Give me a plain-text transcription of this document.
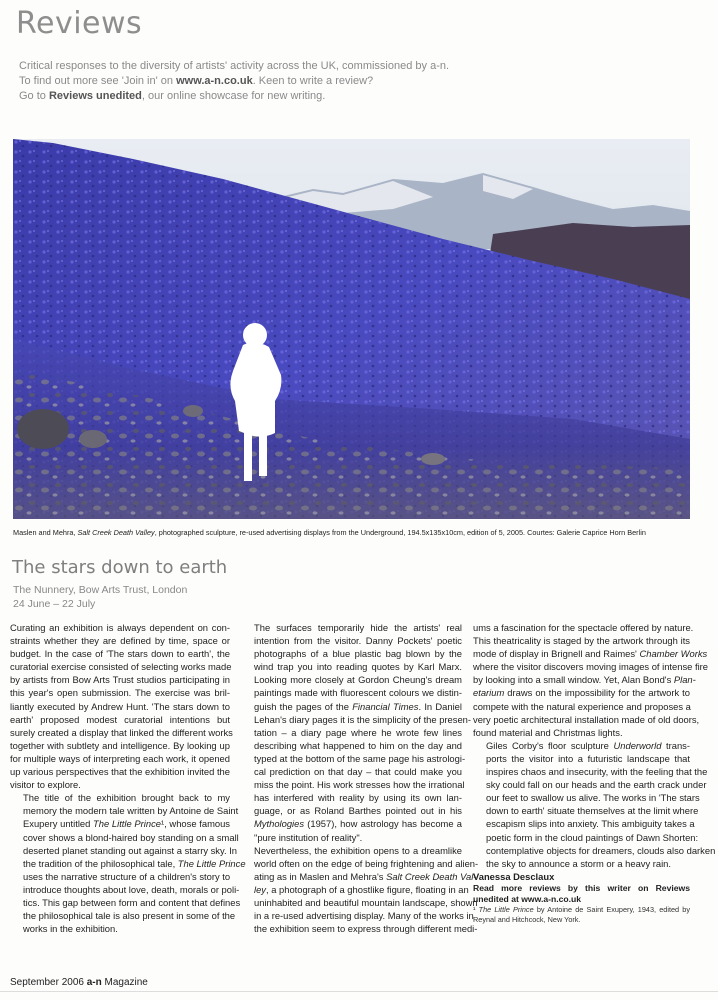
Reviews
Critical responses to the diversity of artists' activity across the UK, commissioned by a-n.
To find out more see 'Join in' on www.a-n.co.uk. Keen to write a review?
Go to Reviews unedited, our online showcase for new writing.
Maslen and Mehra, Salt Creek Death Valley, photographed sculpture, re-used advertising displays from the Underground, 194.5x135x10cm, edition of 5, 2005. Courtes: Galerie Caprice Horn Berlin
The stars down to earth
The Nunnery, Bow Arts Trust, London
24 June – 22 July

Curating an exhibition is always dependent on con-
straints whether they are defined by time, space or
budget. In the case of 'The stars down to earth', the
curatorial exercise consisted of selecting works made
by artists from Bow Arts Trust studios participating in
this year's open submission. The exercise was bril-
liantly executed by Andrew Hunt. 'The stars down to
earth' proposed modest curatorial intentions but
surely created a display that linked the different works
together with subtlety and intelligence. By looking up
for multiple ways of interpreting each work, it opened
up various perspectives that the exhibition invited the
visitor to explore.

The title of the exhibition brought back to my
memory the modern tale written by Antoine de Saint
Exupery untitled The Little Prince¹, whose famous
cover shows a blond-haired boy standing on a small
deserted planet standing out against a starry sky. In
the tradition of the philosophical tale, The Little Prince
uses the narrative structure of a children's story to
introduce thoughts about love, death, morals or poli-
tics. This gap between form and content that defines
the philosophical tale is also present in some of the
works in the exhibition.

The surfaces temporarily hide the artists' real
intention from the visitor. Danny Pockets' poetic
photographs of a blue plastic bag blown by the
wind trap you into reading quotes by Karl Marx.
Looking more closely at Gordon Cheung's dream
paintings made with fluorescent colours we distin-
guish the pages of the Financial Times. In Daniel
Lehan's diary pages it is the simplicity of the presen-
tation – a diary page where he wrote few lines
describing what happened to him on the day and
typed at the bottom of the same page his astrologi-
cal prediction on that day – that could make you
miss the point. His work stresses how the irrational
has interfered with reality by using its own lan-
guage, or as Roland Barthes pointed out in his
Mythologies (1957), how astrology has become a
"pure institution of reality".

Nevertheless, the exhibition opens to a dreamlike
world often on the edge of being frightening and alien-
ating as in Maslen and Mehra's Salt Creek Death Val-
ley, a photograph of a ghostlike figure, floating in an
uninhabited and beautiful mountain landscape, shown
in a re-used advertising display. Many of the works in
the exhibition seem to express through different medi-

ums a fascination for the spectacle offered by nature.
This theatricality is staged by the artwork through its
mode of display in Brignell and Raimes' Chamber Works
where the visitor discovers moving images of intense fire
by looking into a small window. Yet, Alan Bond's Plan-
etarium draws on the impossibility for the artwork to
compete with the natural experience and proposes a
very poetic architectural installation made of old doors,
found material and Christmas lights.

Giles Corby's floor sculpture Underworld trans-
ports the visitor into a futuristic landscape that
inspires chaos and insecurity, with the feeling that the
sky could fall on our heads and the earth crack under
our feet to swallow us alive. The works in 'The stars
down to earth' situate themselves at the limit where
escapism slips into anxiety. This ambiguity takes a
poetic form in the cloud paintings of Dawn Shorten:
contemplative objects for dreamers, clouds also darken
the sky to announce a storm or a heavy rain.

Vanessa Desclaux

Read more reviews by this writer on Reviews unedited at www.a-n.co.uk

¹ The Little Prince by Antoine de Saint Exupery, 1943, edited by Reynal and Hitchcock, New York.

September 2006 a-n Magazine
